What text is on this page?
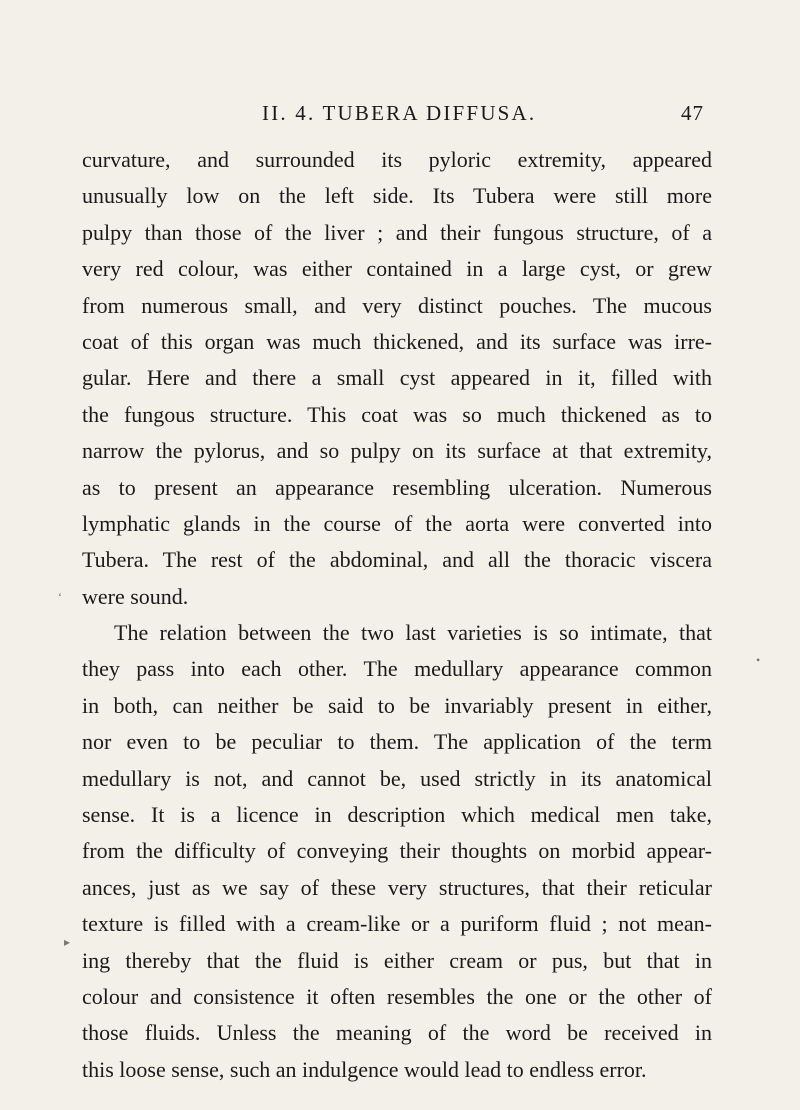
II. 4. TUBERA DIFFUSA.	47
curvature, and surrounded its pyloric extremity, appeared
unusually low on the left side. Its Tubera were still more
pulpy than those of the liver ; and their fungous structure, of a
very red colour, was either contained in a large cyst, or grew
from numerous small, and very distinct pouches. The mucous
coat of this organ was much thickened, and its surface was irre-
gular. Here and there a small cyst appeared in it, filled with
the fungous structure. This coat was so much thickened as to
narrow the pylorus, and so pulpy on its surface at that extremity,
as to present an appearance resembling ulceration. Numerous
lymphatic glands in the course of the aorta were converted into
Tubera. The rest of the abdominal, and all the thoracic viscera
were sound.
The relation between the two last varieties is so intimate, that
they pass into each other. The medullary appearance common
in both, can neither be said to be invariably present in either,
nor even to be peculiar to them. The application of the term
medullary is not, and cannot be, used strictly in its anatomical
sense. It is a licence in description which medical men take,
from the difficulty of conveying their thoughts on morbid appear-
ances, just as we say of these very structures, that their reticular
texture is filled with a cream-like or a puriform fluid ; not mean-
ing thereby that the fluid is either cream or pus, but that in
colour and consistence it often resembles the one or the other of
those fluids. Unless the meaning of the word be received in
this loose sense, such an indulgence would lead to endless error.
‘
•
▸
